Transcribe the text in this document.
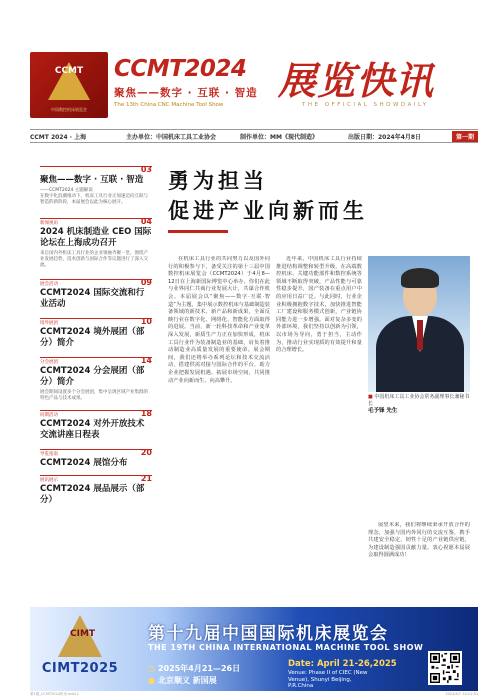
CCMT
中国数控机床展览会
CCMT2024
聚焦——数字 · 互联 · 智造
The 13th China CNC Machine Tool Show
展览快讯
THE OFFICIAL SHOWDAILY
CCMT 2024 · 上海	主办单位：中国机床工具工业协会	制作单位：MM《现代制造》	出版日期：2024年4月8日	第一期
03
聚焦——数字 · 互联 · 智造
——CCMT2024 主题解读
在数字化浪潮推动下，机床工具行业正加速迈向互联与智造的新阶段，本届展会以此为核心展开。
新闻视角	04
2024 机床制造业 CEO 国际论坛在上海成功召开
来自国内外机床工具行业的企业领袖齐聚一堂，围绕产业发展趋势、技术创新与国际合作等议题进行了深入交流。
展会活动	09
CCMT2024 国际交流和行业活动
境外展团	10
CCMT2024 境外展团（部分）简介
分会展团	14
CCMT2024 分会展团（部分）简介
展会期间设置多个分会展团，集中呈现区域产业集群的特色产品与技术成果。
同期活动	18
CCMT2024 对外开放技术交流讲座日程表
导览指南	20
CCMT2024 展馆分布
展讯展示	21
CCMT2024 展品展示（部分）
勇为担当
促进产业向新而生
在机床工具行业的共同努力以及国外同行的积极参与下，备受关注的第十三届中国数控机床展览会（CCMT2024）于4月8—12日在上海新国际博览中心举办，你们在此与业界同仁共商行业发展大计，共谋合作机会。本届展会以“聚焦——数字·互联·智造”为主题，集中展示数控机床与基础制造装备领域的新技术、新产品和新成果，全面反映行业在数字化、网络化、智能化方面取得的进展。当前，新一轮科技革命和产业变革深入发展，新质生产力正在加快形成，机床工具行业作为装备制造业的基础，肩负着推动制造业高质量发展的重要使命。展会期间，我们还将举办系列论坛和技术交流活动，搭建供需对接与国际合作的平台，助力企业把握发展机遇、拓展市场空间，共同推动产业向新而生、向高攀升。
近年来，中国机床工具行业持续推进结构调整和转型升级，在高端数控机床、关键功能部件和数控系统等领域不断取得突破，产品性能与可靠性稳步提升，国产装备在重点用户中的应用日益广泛。与此同时，行业企业积极拥抱数字技术，加快推进智能工厂建设和服务模式创新，产业链协同能力进一步增强。面对复杂多变的外部环境，我们坚持以创新为引领，以市场为导向，勇于担当，主动作为，推动行业实现质的有效提升和量的合理增长。
■ 中国机床工具工业协会常务副理事长兼秘书长
毛予锋 先生
展望未来，我们将继续秉承开放合作的理念，加强与国内外同行的交流互鉴，携手共建安全稳定、韧性十足的产业链供应链，为建设制造强国贡献力量。衷心祝愿本届展会取得圆满成功！
CIMT
CIMT2025
第十九届中国国际机床展览会
THE 19TH CHINA INTERNATIONAL MACHINE TOOL SHOW
◷ 2025年4月21—26日
● 北京顺义 新国展
Date: April 21-26,2025
Venue: Phase II of CIEC (New Venue), Shunyi Beijing, P.R.China
第1期_CCMT2024快讯.indd 1	2024/4/7 10:21:53
